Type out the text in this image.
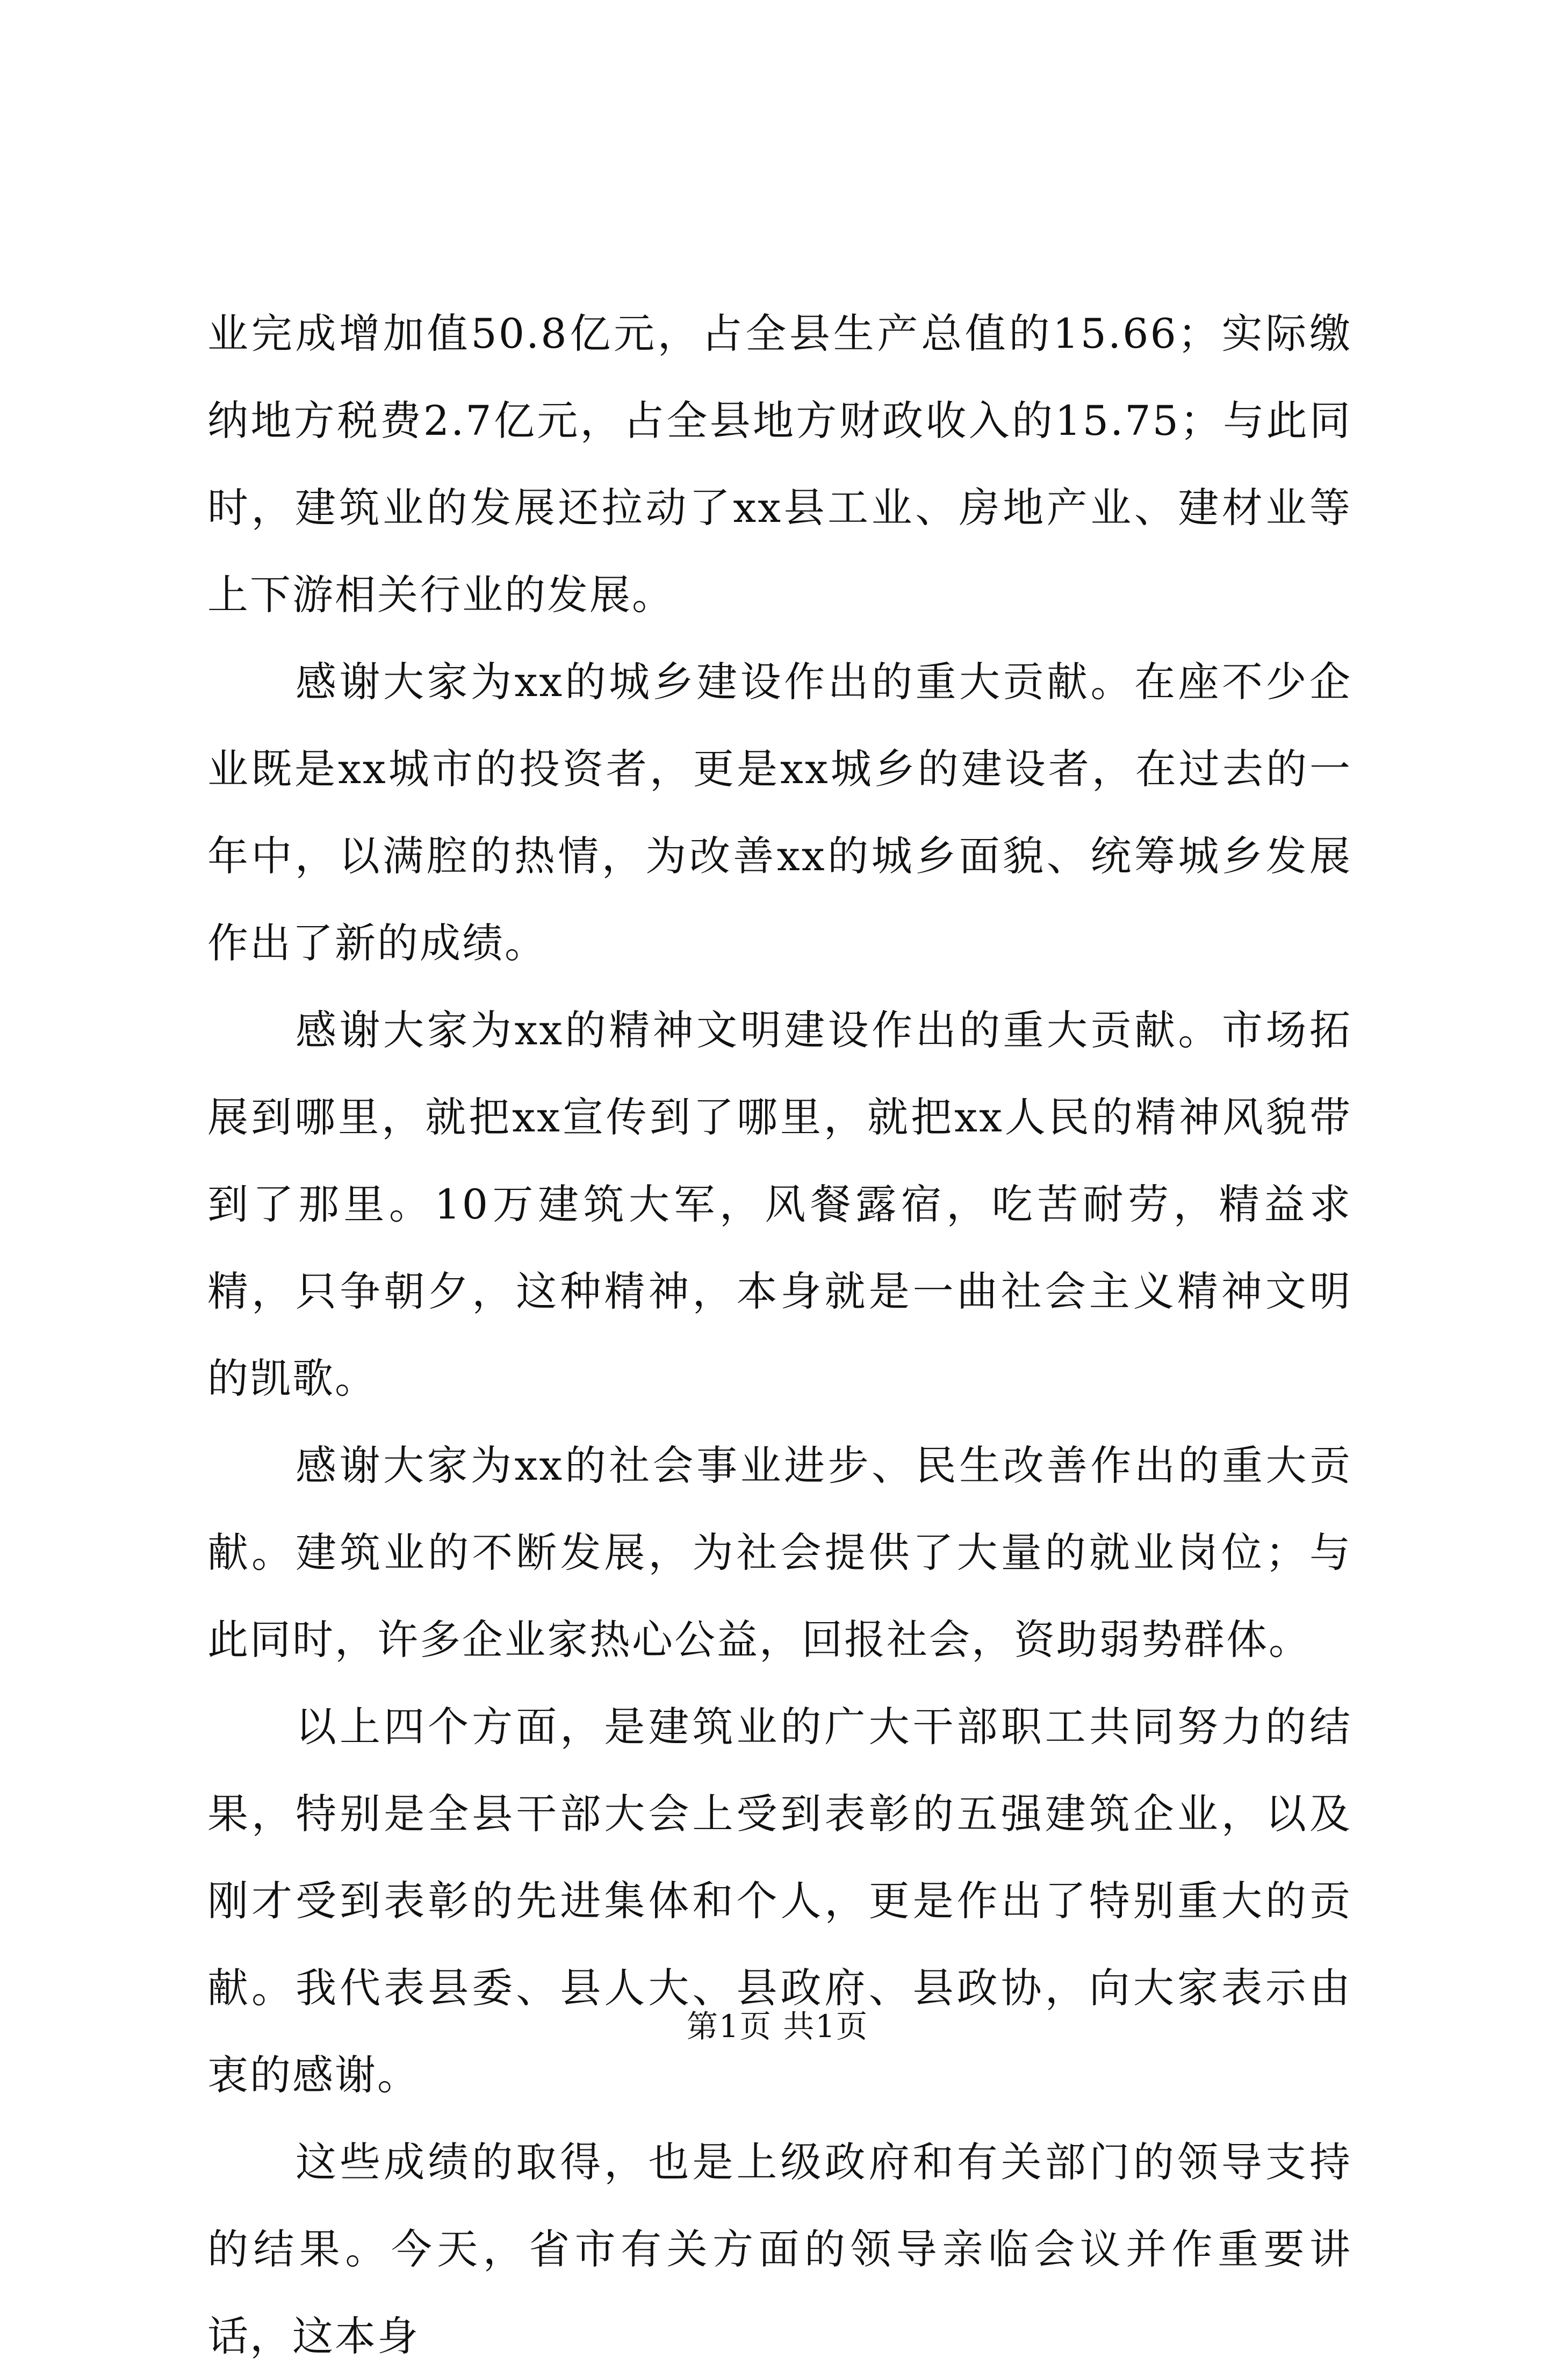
业完成增加值50.8亿元，占全县生产总值的15.66；实际缴纳地方税费2.7亿元，占全县地方财政收入的15.75；与此同时，建筑业的发展还拉动了xx县工业、房地产业、建材业等上下游相关行业的发展。

感谢大家为xx的城乡建设作出的重大贡献。在座不少企业既是xx城市的投资者，更是xx城乡的建设者，在过去的一年中，以满腔的热情，为改善xx的城乡面貌、统筹城乡发展作出了新的成绩。

感谢大家为xx的精神文明建设作出的重大贡献。市场拓展到哪里，就把xx宣传到了哪里，就把xx人民的精神风貌带到了那里。10万建筑大军，风餐露宿，吃苦耐劳，精益求精，只争朝夕，这种精神，本身就是一曲社会主义精神文明的凯歌。

感谢大家为xx的社会事业进步、民生改善作出的重大贡献。建筑业的不断发展，为社会提供了大量的就业岗位；与此同时，许多企业家热心公益，回报社会，资助弱势群体。

以上四个方面，是建筑业的广大干部职工共同努力的结果，特别是全县干部大会上受到表彰的五强建筑企业，以及刚才受到表彰的先进集体和个人，更是作出了特别重大的贡献。我代表县委、县人大、县政府、县政协，向大家表示由衷的感谢。

这些成绩的取得，也是上级政府和有关部门的领导支持的结果。今天，省市有关方面的领导亲临会议并作重要讲话，这本身

第1页 共1页
